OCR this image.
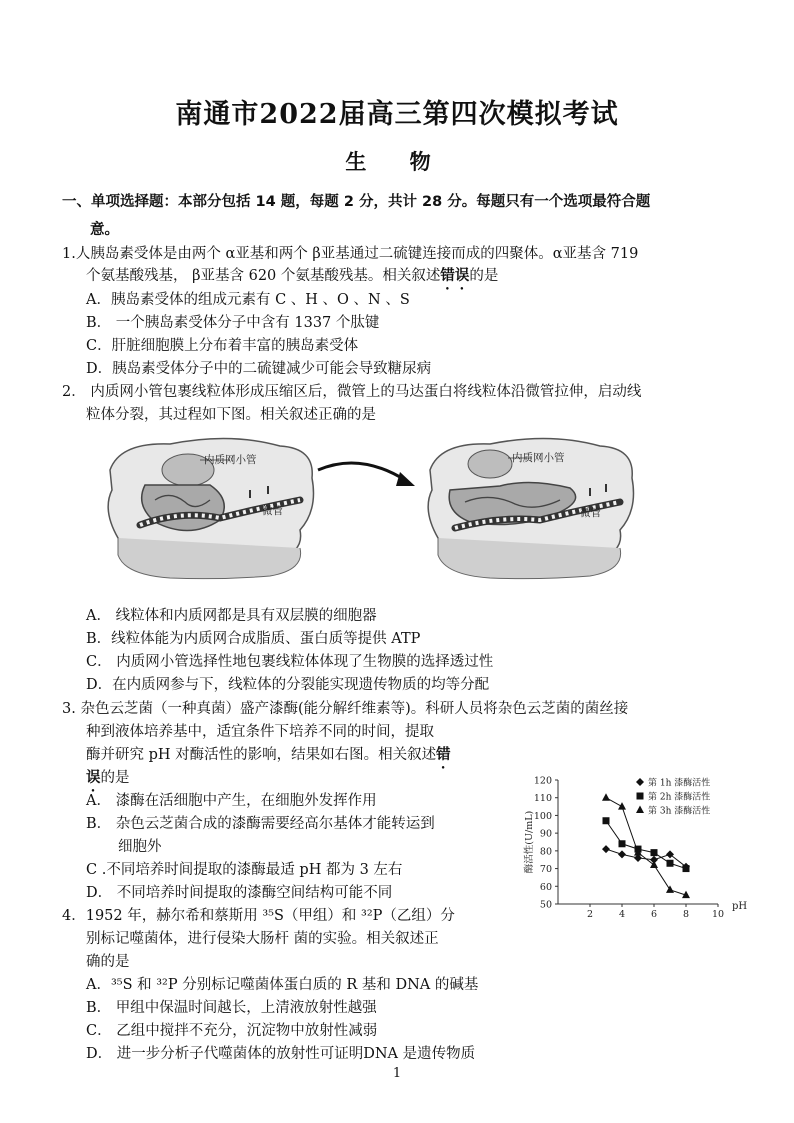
南通市2022届高三第四次模拟考试
生 物
一、单项选择题：本部分包括 14 题，每题 2 分，共计 28 分。每题只有一个选项最符合题
意。
1.人胰岛素受体是由两个 α亚基和两个 β亚基通过二硫键连接而成的四聚体。α亚基含 719
个氨基酸残基， β亚基含 620 个氨基酸残基。相关叙述错误的是
A．胰岛素受体的组成元素有 C 、H 、O 、N 、S
B． 一个胰岛素受体分子中含有 1337 个肽键
C．肝脏细胞膜上分布着丰富的胰岛素受体
D．胰岛素受体分子中的二硫键减少可能会导致糖尿病
2． 内质网小管包裹线粒体形成压缩区后，微管上的马达蛋白将线粒体沿微管拉伸，启动线
粒体分裂，其过程如下图。相关叙述正确的是
内质网小管
微管
内质网小管
微管
A． 线粒体和内质网都是具有双层膜的细胞器
B．线粒体能为内质网合成脂质、蛋白质等提供 ATP
C． 内质网小管选择性地包裹线粒体体现了生物膜的选择透过性
D．在内质网参与下，线粒体的分裂能实现遗传物质的均等分配
3. 杂色云芝菌（一种真菌）盛产漆酶(能分解纤维素等)。科研人员将杂色云芝菌的菌丝接
种到液体培养基中，适宜条件下培养不同的时间，提取
酶并研究 pH 对酶活性的影响，结果如右图。相关叙述错
误的是
A． 漆酶在活细胞中产生，在细胞外发挥作用
B． 杂色云芝菌合成的漆酶需要经高尔基体才能转运到
细胞外
C .不同培养时间提取的漆酶最适 pH 都为 3 左右
D． 不同培养时间提取的漆酶空间结构可能不同
50
60
70
80
90
100
110
120
2	4	6	8 10
pH
酶活性(U/mL)
第 1h 漆酶活性
第 2h 漆酶活性
第 3h 漆酶活性
4．1952 年，赫尔希和蔡斯用 ³⁵S（甲组）和 ³²P（乙组）分
别标记噬菌体，进行侵染大肠杆 菌的实验。相关叙述正
确的是
A．³⁵S 和 ³²P 分别标记噬菌体蛋白质的 R 基和 DNA 的碱基
B． 甲组中保温时间越长，上清液放射性越强
C． 乙组中搅拌不充分，沉淀物中放射性减弱
D． 进一步分析子代噬菌体的放射性可证明DNA 是遗传物质
1
